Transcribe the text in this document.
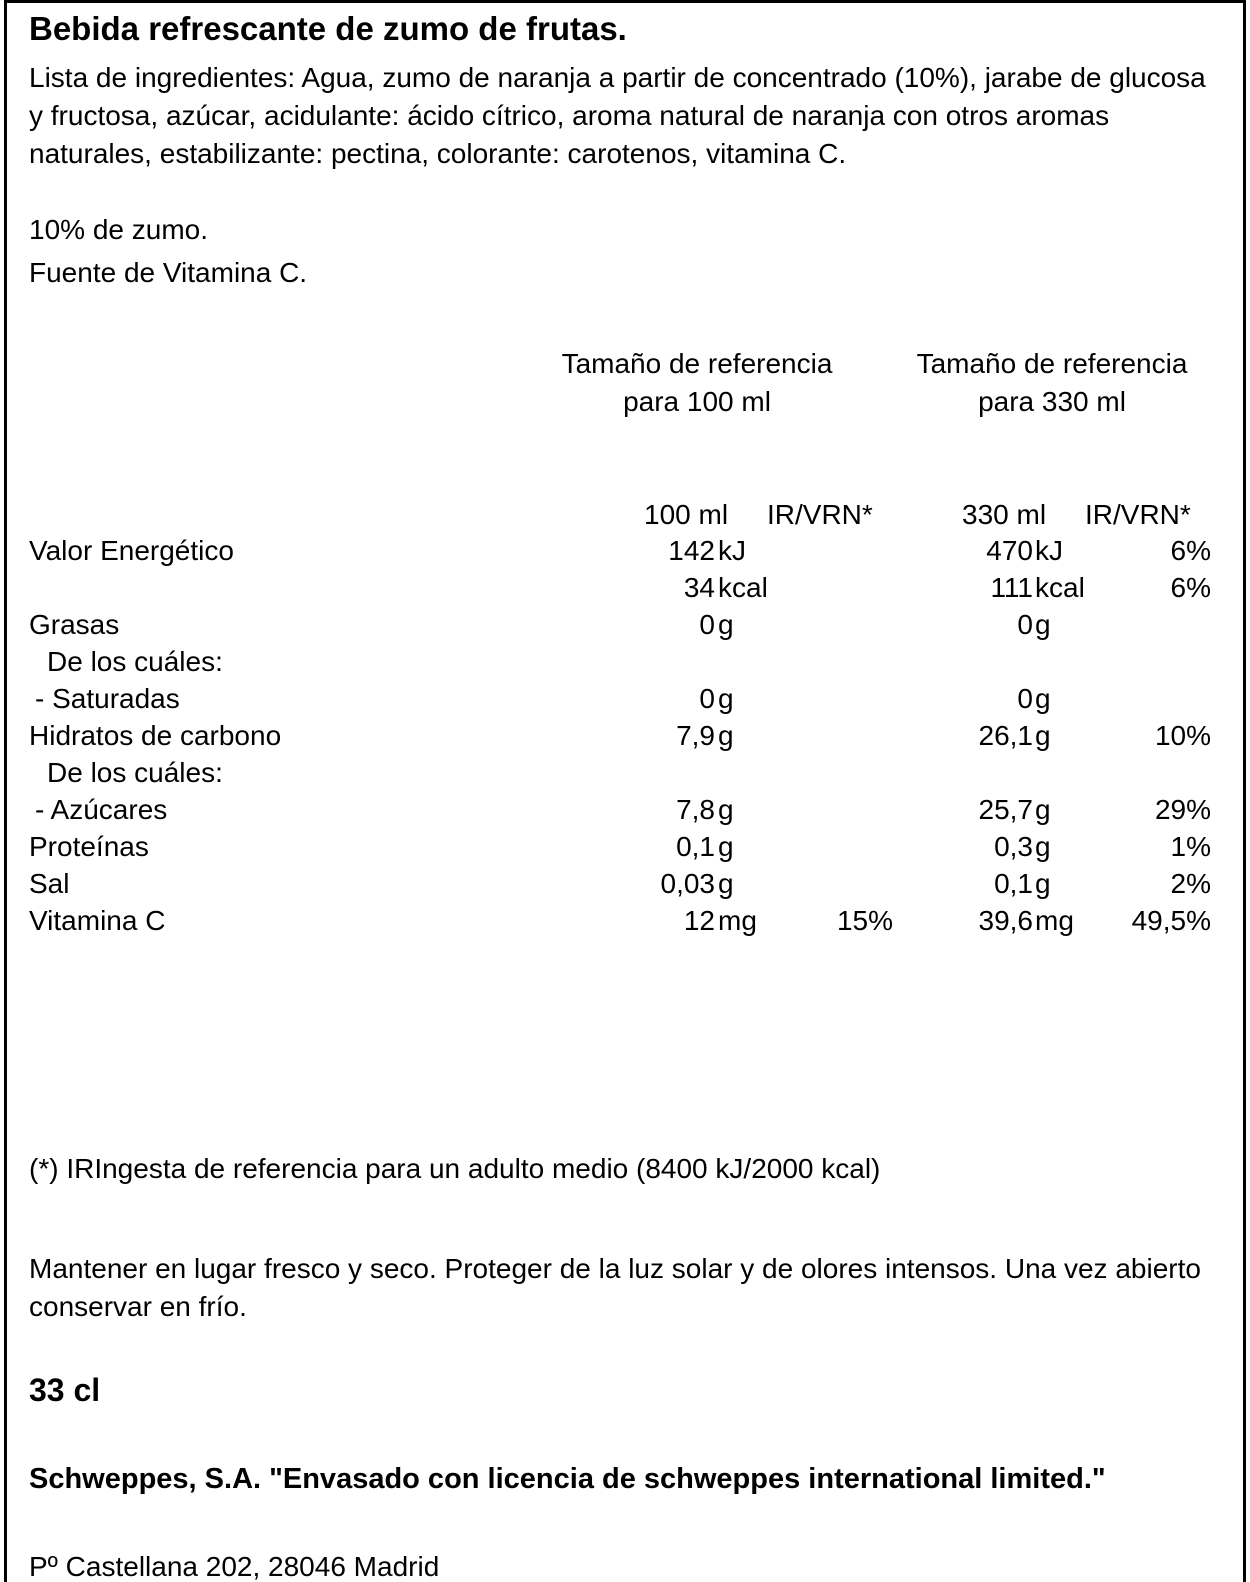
Bebida refrescante de zumo de frutas.
Lista de ingredientes: Agua, zumo de naranja a partir de concentrado (10%), jarabe de glucosa y fructosa, azúcar, acidulante: ácido cítrico, aroma natural de naranja con otros aromas naturales, estabilizante: pectina, colorante: carotenos, vitamina C.
10% de zumo.
Fuente de Vitamina C.
Tamaño de referencia
para 100 ml
Tamaño de referencia
para 330 ml
100 ml IR/VRN*	330 ml IR/VRN*
Valor Energético	142 kJ	470 kJ	6%
34 kcal	111 kcal	6%
Grasas	0 g	0 g
De los cuáles:
- Saturadas	0 g	0 g
Hidratos de carbono	7,9 g	26,1 g	10%
De los cuáles:
- Azúcares	7,8 g	25,7 g	29%
Proteínas	0,1 g	0,3 g	1%
Sal	0,03 g	0,1 g	2%
Vitamina C	12 mg	15%	39,6 mg	49,5%
(*) IRIngesta de referencia para un adulto medio (8400 kJ/2000 kcal)
Mantener en lugar fresco y seco. Proteger de la luz solar y de olores intensos. Una vez abierto conservar en frío.
33 cl
Schweppes, S.A. "Envasado con licencia de schweppes international limited."
Pº Castellana 202, 28046 Madrid
